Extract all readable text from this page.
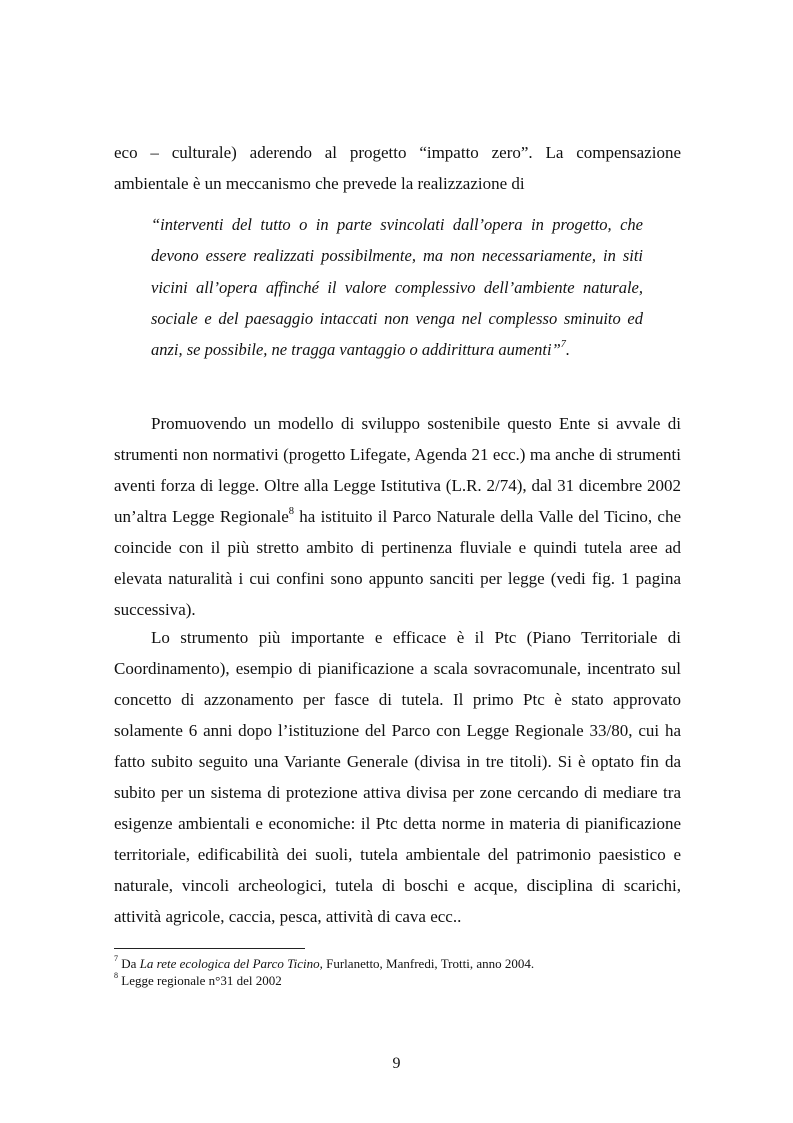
eco – culturale) aderendo al progetto “impatto zero”. La compensazione ambientale è un meccanismo che prevede la realizzazione di

“interventi del tutto o in parte svincolati dall’opera in progetto, che devono essere realizzati possibilmente, ma non necessariamente, in siti vicini all’opera affinché il valore complessivo dell’ambiente naturale, sociale e del paesaggio intaccati non venga nel complesso sminuito ed anzi, se possibile, ne tragga vantaggio o addirittura aumenti”$^7$.

Promuovendo un modello di sviluppo sostenibile questo Ente si avvale di strumenti non normativi (progetto Lifegate, Agenda 21 ecc.) ma anche di strumenti aventi forza di legge. Oltre alla Legge Istitutiva (L.R. 2/74), dal 31 dicembre 2002 un’altra Legge Regionale$^8$ ha istituito il Parco Naturale della Valle del Ticino, che coincide con il più stretto ambito di pertinenza fluviale e quindi tutela aree ad elevata naturalità i cui confini sono appunto sanciti per legge (vedi fig. 1 pagina successiva).

Lo strumento più importante e efficace è il Ptc (Piano Territoriale di Coordinamento), esempio di pianificazione a scala sovracomunale, incentrato sul concetto di azzonamento per fasce di tutela. Il primo Ptc è stato approvato solamente 6 anni dopo l’istituzione del Parco con Legge Regionale 33/80, cui ha fatto subito seguito una Variante Generale (divisa in tre titoli). Si è optato fin da subito per un sistema di protezione attiva divisa per zone cercando di mediare tra esigenze ambientali e economiche: il Ptc detta norme in materia di pianificazione territoriale, edificabilità dei suoli, tutela ambientale del patrimonio paesistico e naturale, vincoli archeologici, tutela di boschi e acque, disciplina di scarichi, attività agricole, caccia, pesca, attività di cava ecc..

$^7$ Da La rete ecologica del Parco Ticino, Furlanetto, Manfredi, Trotti, anno 2004.
$^8$ Legge regionale n°31 del 2002
9
